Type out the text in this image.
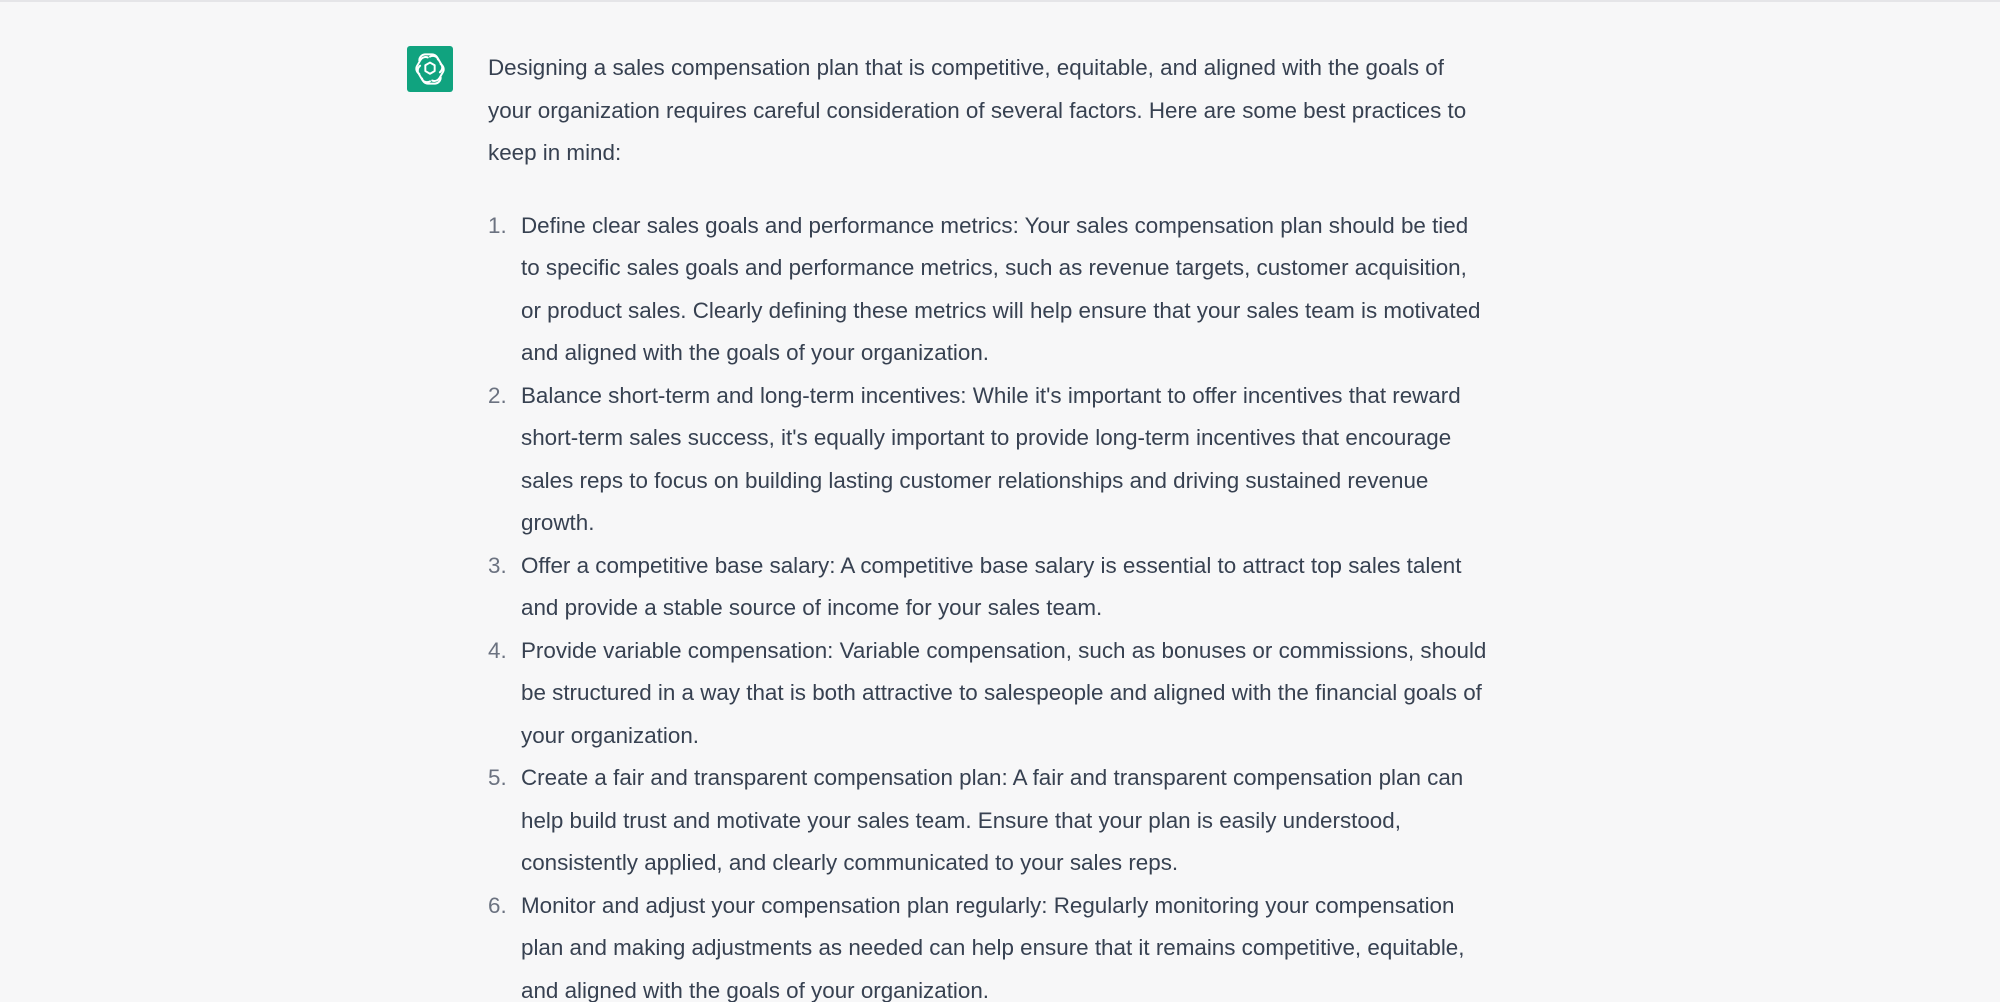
Designing a sales compensation plan that is competitive, equitable, and aligned with the goals of your organization requires careful consideration of several factors. Here are some best practices to keep in mind:

1. Define clear sales goals and performance metrics: Your sales compensation plan should be tied to specific sales goals and performance metrics, such as revenue targets, customer acquisition, or product sales. Clearly defining these metrics will help ensure that your sales team is motivated and aligned with the goals of your organization.
2. Balance short-term and long-term incentives: While it's important to offer incentives that reward short-term sales success, it's equally important to provide long-term incentives that encourage sales reps to focus on building lasting customer relationships and driving sustained revenue growth.
3. Offer a competitive base salary: A competitive base salary is essential to attract top sales talent and provide a stable source of income for your sales team.
4. Provide variable compensation: Variable compensation, such as bonuses or commissions, should be structured in a way that is both attractive to salespeople and aligned with the financial goals of your organization.
5. Create a fair and transparent compensation plan: A fair and transparent compensation plan can help build trust and motivate your sales team. Ensure that your plan is easily understood, consistently applied, and clearly communicated to your sales reps.
6. Monitor and adjust your compensation plan regularly: Regularly monitoring your compensation plan and making adjustments as needed can help ensure that it remains competitive, equitable, and aligned with the goals of your organization.
